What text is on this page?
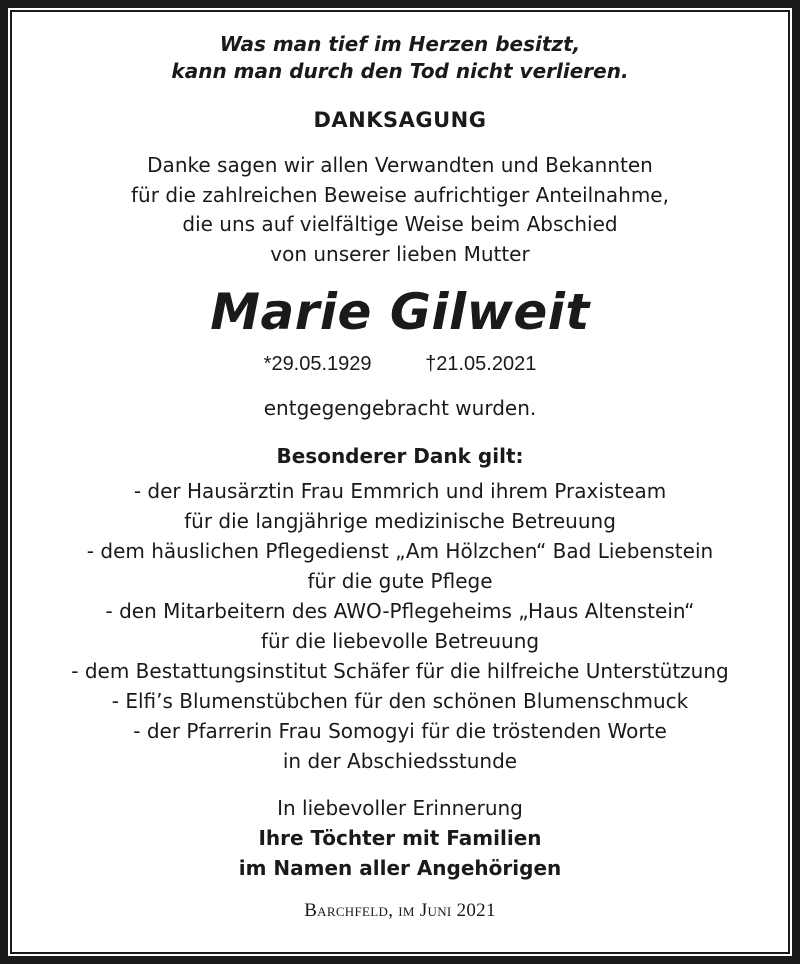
Was man tief im Herzen besitzt,
kann man durch den Tod nicht verlieren.
DANKSAGUNG
Danke sagen wir allen Verwandten und Bekannten
für die zahlreichen Beweise aufrichtiger Anteilnahme,
die uns auf vielfältige Weise beim Abschied
von unserer lieben Mutter
Marie Gilweit
*29.05.1929	†21.05.2021
entgegengebracht wurden.
Besonderer Dank gilt:
- der Hausärztin Frau Emmrich und ihrem Praxisteam
für die langjährige medizinische Betreuung
- dem häuslichen Pflegedienst „Am Hölzchen“ Bad Liebenstein
für die gute Pflege
- den Mitarbeitern des AWO-Pflegeheims „Haus Altenstein“
für die liebevolle Betreuung
- dem Bestattungsinstitut Schäfer für die hilfreiche Unterstützung
- Elfi’s Blumenstübchen für den schönen Blumenschmuck
- der Pfarrerin Frau Somogyi für die tröstenden Worte
in der Abschiedsstunde
In liebevoller Erinnerung
Ihre Töchter mit Familien
im Namen aller Angehörigen
Barchfeld, im Juni 2021
